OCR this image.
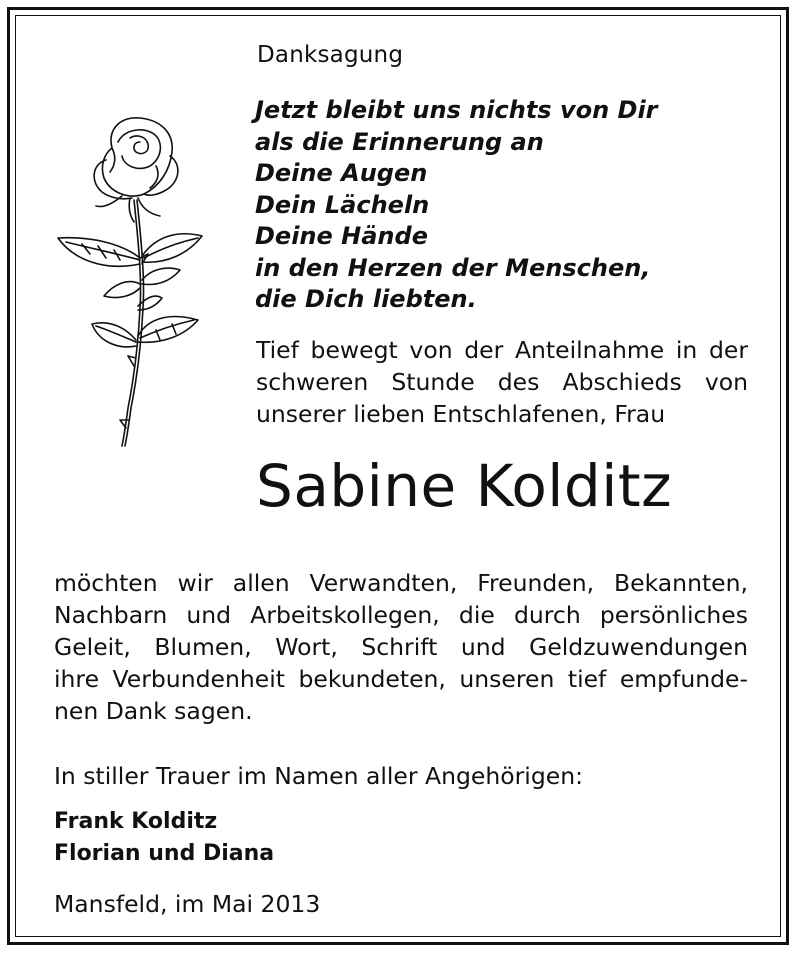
Danksagung
Jetzt bleibt uns nichts von Dir
als die Erinnerung an
Deine Augen
Dein Lächeln
Deine Hände
in den Herzen der Menschen,
die Dich liebten.

Tief bewegt von der Anteilnahme in der
schweren Stunde des Abschieds von
unserer lieben Entschlafenen, Frau

Sabine Kolditz

möchten wir allen Verwandten, Freunden, Bekannten,
Nachbarn und Arbeitskollegen, die durch persönliches
Geleit, Blumen, Wort, Schrift und Geldzuwendungen
ihre Verbundenheit bekundeten, unseren tief empfunde-
nen Dank sagen.

In stiller Trauer im Namen aller Angehörigen:
Frank Kolditz
Florian und Diana
Mansfeld, im Mai 2013
